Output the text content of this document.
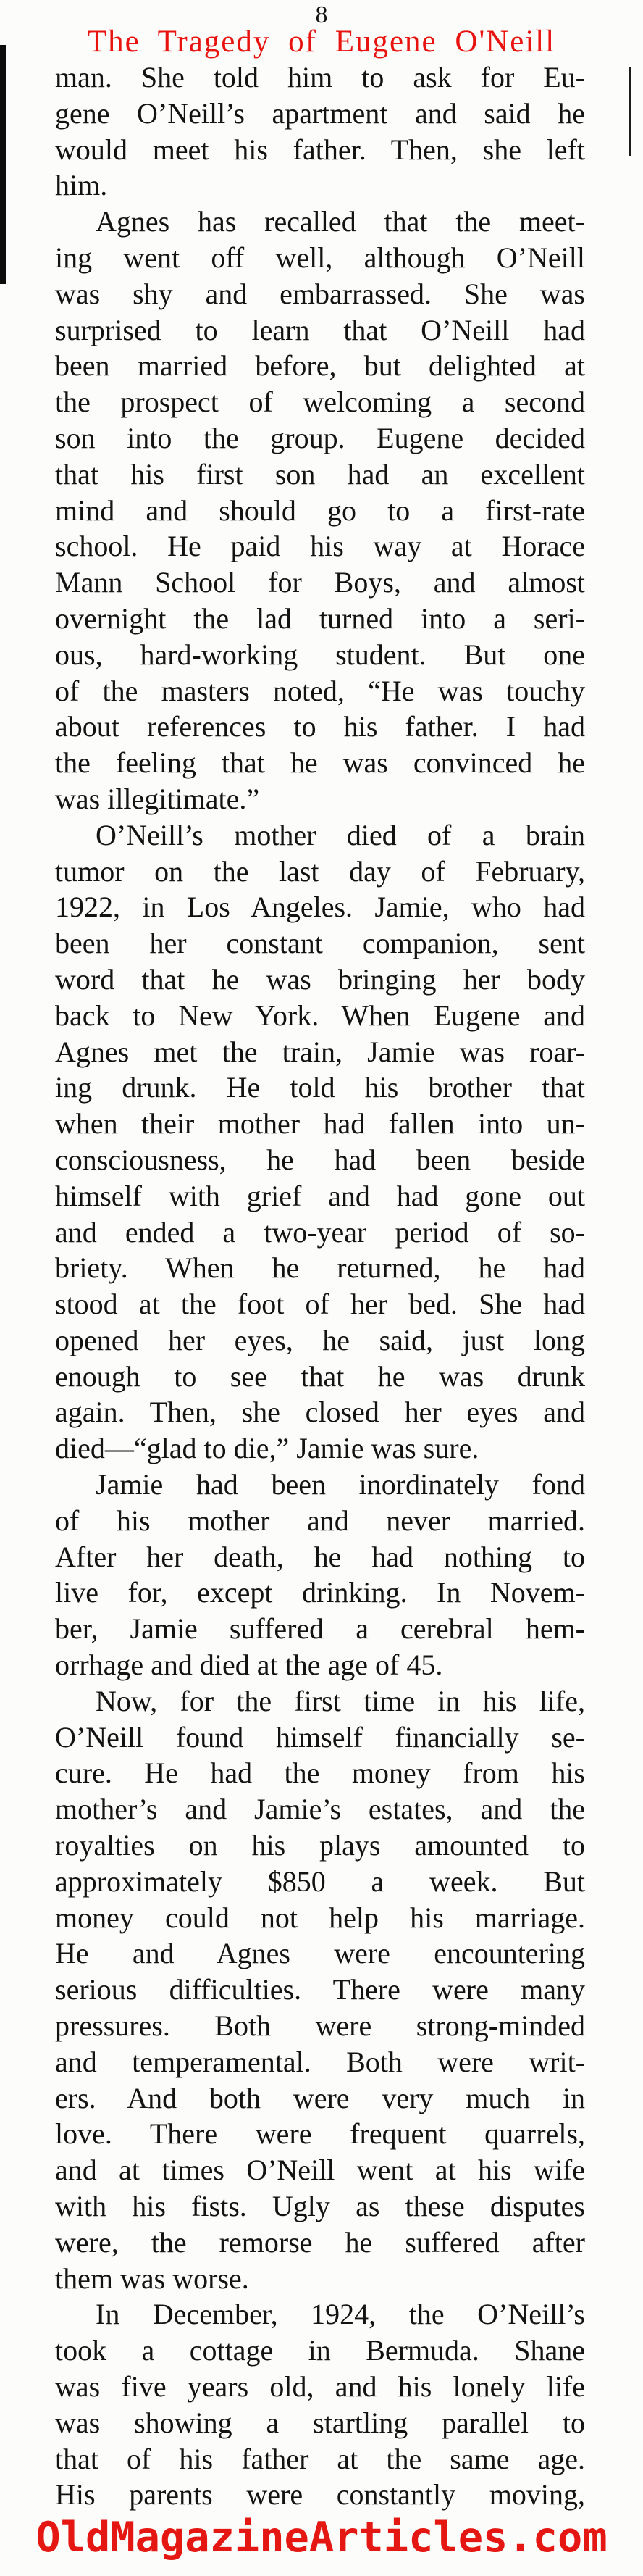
8
The Tragedy of Eugene O'Neill
man. She told him to ask for Eu-
gene O’Neill’s apartment and said he
would meet his father. Then, she left
him.
Agnes has recalled that the meet-
ing went off well, although O’Neill
was shy and embarrassed. She was
surprised to learn that O’Neill had
been married before, but delighted at
the prospect of welcoming a second
son into the group. Eugene decided
that his first son had an excellent
mind and should go to a first-rate
school. He paid his way at Horace
Mann School for Boys, and almost
overnight the lad turned into a seri-
ous, hard-working student. But one
of the masters noted, “He was touchy
about references to his father. I had
the feeling that he was convinced he
was illegitimate.”
O’Neill’s mother died of a brain
tumor on the last day of February,
1922, in Los Angeles. Jamie, who had
been her constant companion, sent
word that he was bringing her body
back to New York. When Eugene and
Agnes met the train, Jamie was roar-
ing drunk. He told his brother that
when their mother had fallen into un-
consciousness, he had been beside
himself with grief and had gone out
and ended a two-year period of so-
briety. When he returned, he had
stood at the foot of her bed. She had
opened her eyes, he said, just long
enough to see that he was drunk
again. Then, she closed her eyes and
died—“glad to die,” Jamie was sure.
Jamie had been inordinately fond
of his mother and never married.
After her death, he had nothing to
live for, except drinking. In Novem-
ber, Jamie suffered a cerebral hem-
orrhage and died at the age of 45.
Now, for the first time in his life,
O’Neill found himself financially se-
cure. He had the money from his
mother’s and Jamie’s estates, and the
royalties on his plays amounted to
approximately $850 a week. But
money could not help his marriage.
He and Agnes were encountering
serious difficulties. There were many
pressures. Both were strong-minded
and temperamental. Both were writ-
ers. And both were very much in
love. There were frequent quarrels,
and at times O’Neill went at his wife
with his fists. Ugly as these disputes
were, the remorse he suffered after
them was worse.
In December, 1924, the O’Neill’s
took a cottage in Bermuda. Shane
was five years old, and his lonely life
was showing a startling parallel to
that of his father at the same age.
His parents were constantly moving,
OldMagazineArticles.com
